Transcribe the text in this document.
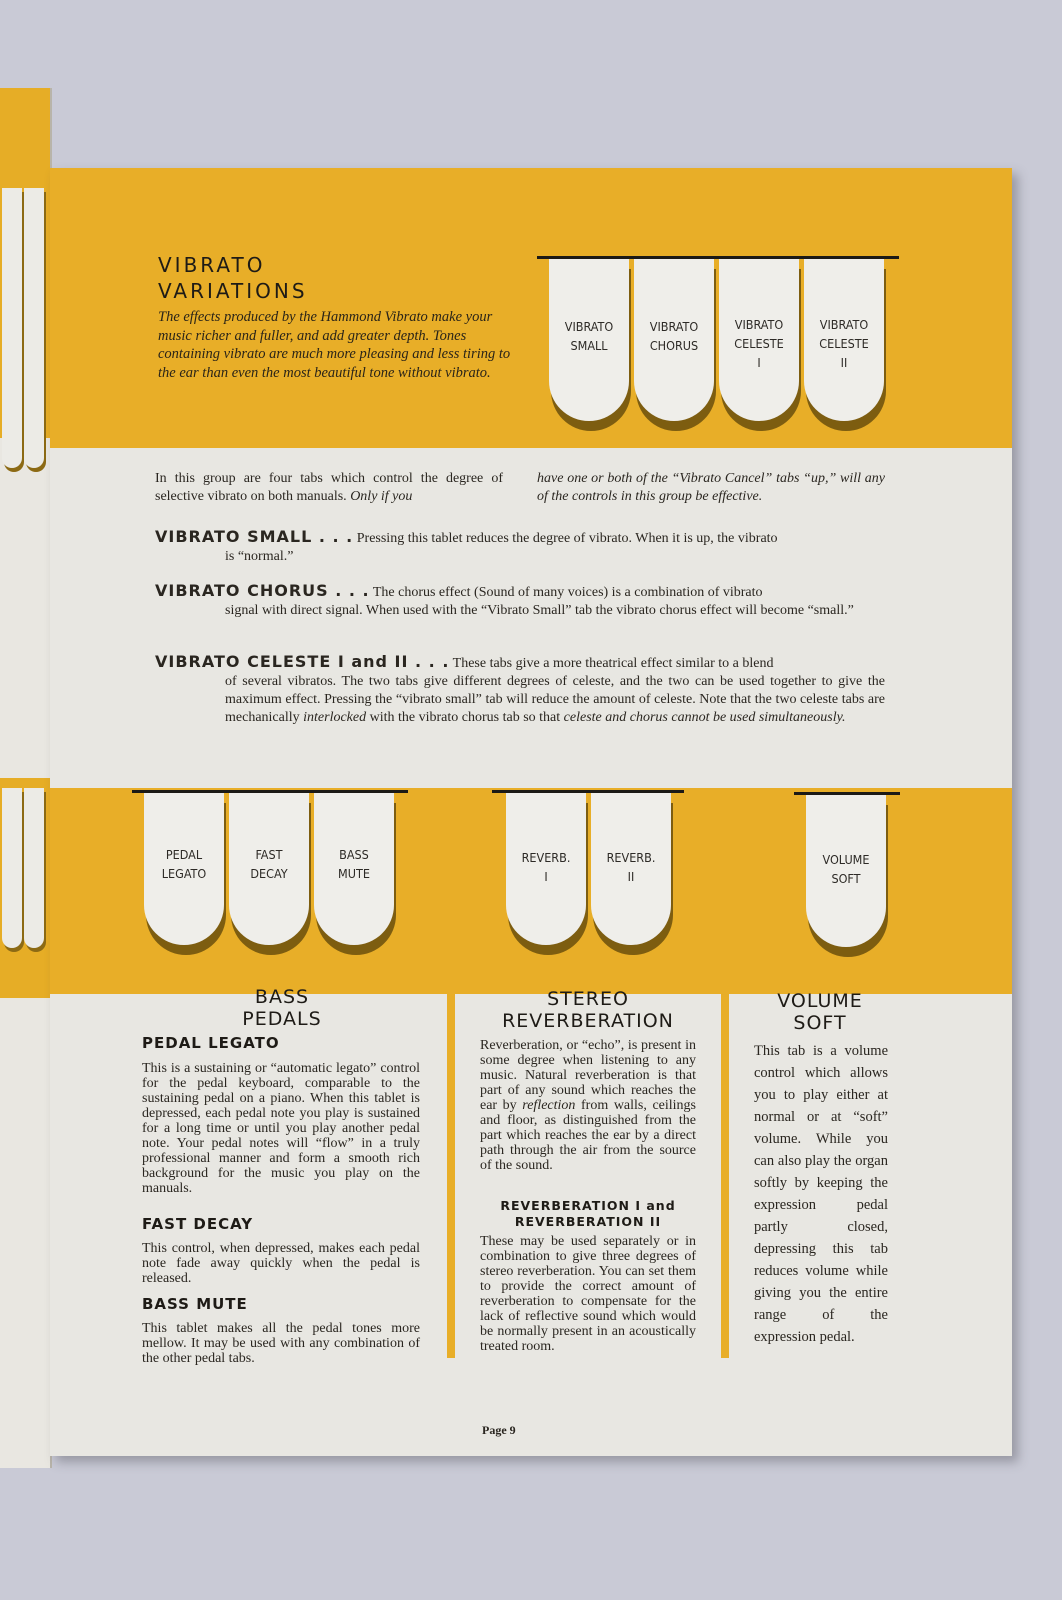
VIBRATO
VARIATIONS

The effects produced by the Hammond Vibrato make your music richer and fuller, and add greater depth. Tones containing vibrato are much more pleasing and less tiring to the ear than even the most beautiful tone without vibrato.

VIBRATO
SMALL
VIBRATO
CHORUS
VIBRATO
CELESTE
I
VIBRATO
CELESTE
II
In this group are four tabs which control the degree of selective vibrato on both manuals. Only if you
have one or both of the “Vibrato Cancel” tabs “up,” will any of the controls in this group be effective.
VIBRATO SMALL . . . Pressing this tablet reduces the degree of vibrato. When it is up, the vibrato
is “normal.”
VIBRATO CHORUS . . . The chorus effect (Sound of many voices) is a combination of vibrato
signal with direct signal. When used with the “Vibrato Small” tab the vibrato chorus effect will become “small.”
VIBRATO CELESTE I and II . . . These tabs give a more theatrical effect similar to a blend
of several vibratos. The two tabs give different degrees of celeste, and the two can be used together to give the maximum effect. Pressing the “vibrato small” tab will reduce the amount of celeste. Note that the two celeste tabs are mechanically interlocked with the vibrato chorus tab so that celeste and chorus cannot be used simultaneously.
PEDAL
LEGATO
FAST
DECAY
BASS
MUTE
REVERB.
I
REVERB.
II
VOLUME
SOFT
BASS
PEDALS
PEDAL LEGATO

This is a sustaining or “automatic legato” control for the pedal keyboard, comparable to the sustaining pedal on a piano. When this tablet is depressed, each pedal note you play is sustained for a long time or until you play another pedal note. Your pedal notes will “flow” in a truly professional manner and form a smooth rich background for the music you play on the manuals.

FAST DECAY

This control, when depressed, makes each pedal note fade away quickly when the pedal is released.

BASS MUTE

This tablet makes all the pedal tones more mellow. It may be used with any combination of the other pedal tabs.

STEREO
REVERBERATION

Reverberation, or “echo”, is present in some degree when listening to any music. Natural reverberation is that part of any sound which reaches the ear by reflection from walls, ceilings and floor, as distinguished from the part which reaches the ear by a direct path through the air from the source of the sound.

REVERBERATION I and
REVERBERATION II

These may be used separately or in combination to give three degrees of stereo reverberation. You can set them to provide the correct amount of reverberation to compensate for the lack of reflective sound which would be normally present in an acoustically treated room.

VOLUME
SOFT

This tab is a volume control which allows you to play either at normal or at “soft” volume. While you can also play the organ softly by keeping the expression pedal partly closed, depressing this tab reduces volume while giving you the entire range of the expression pedal.

Page 9
